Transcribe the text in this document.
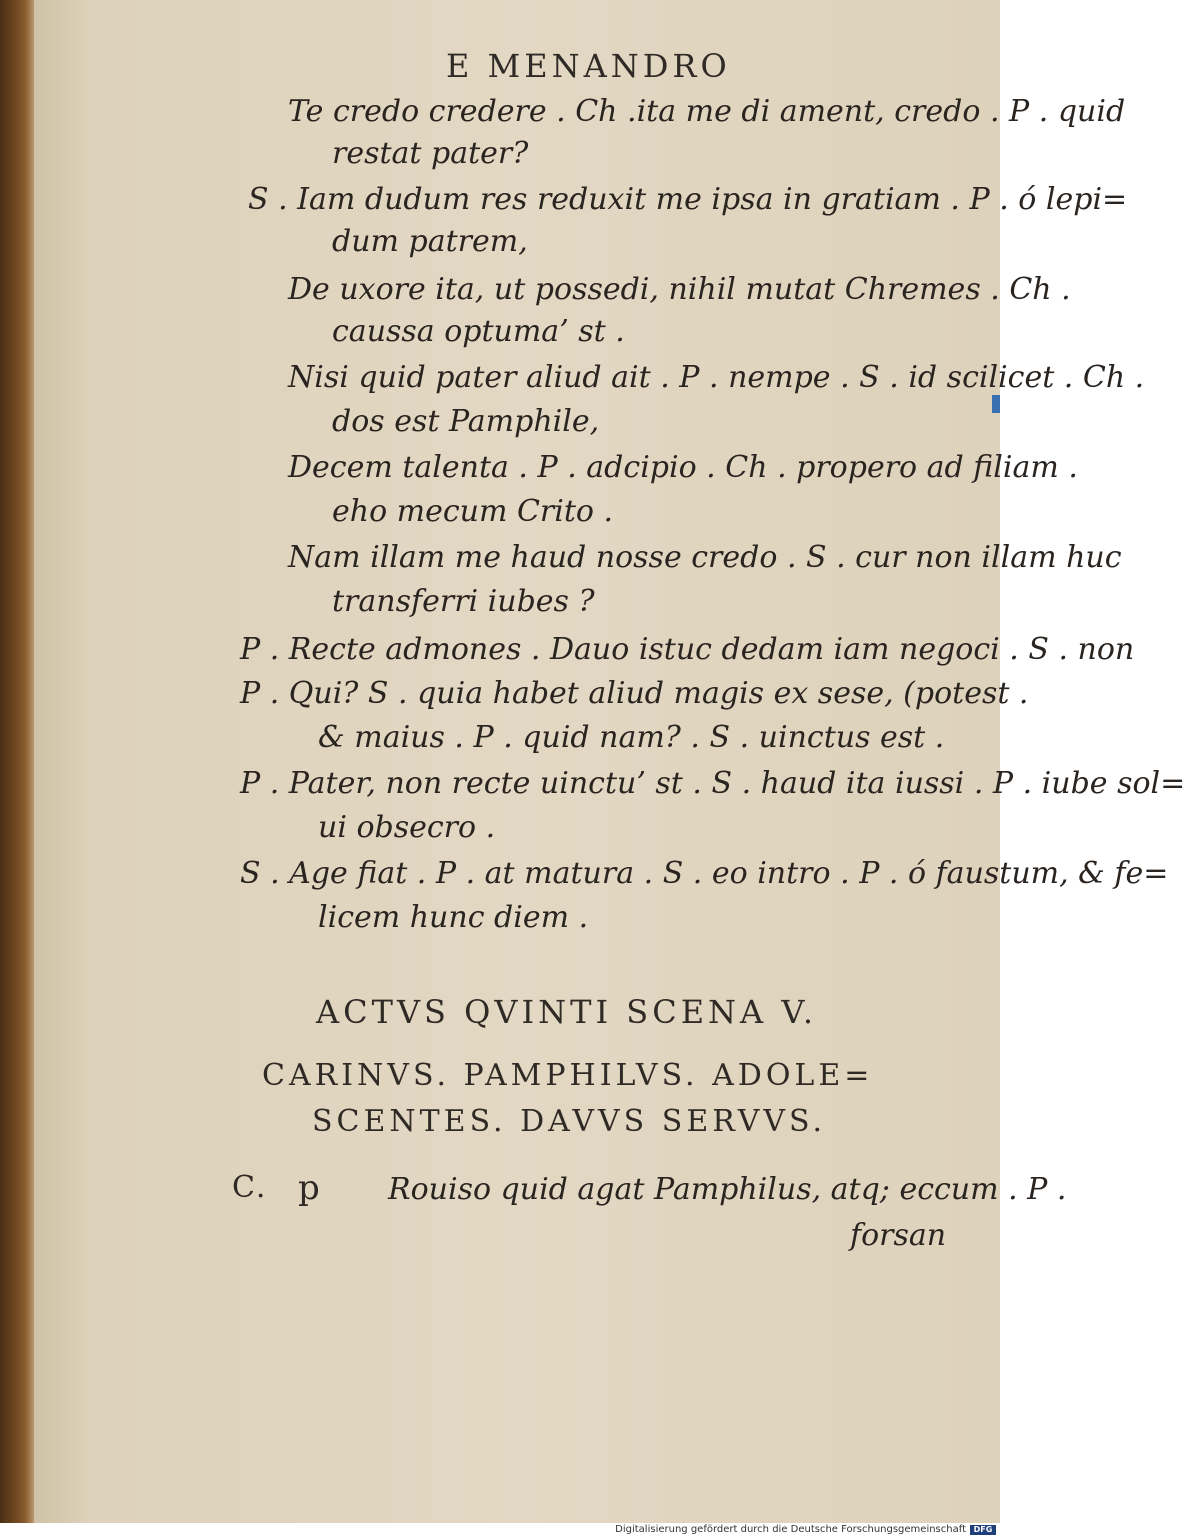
E MENANDRO
Te credo credere . Ch .ita me di ament, credo . P . quid
restat pater?
S . Iam dudum res reduxit me ipsa in gratiam . P . ó lepi=
dum patrem,
De uxore ita, ut possedi, nihil mutat Chremes . Ch .
caussa optuma’ st .
Nisi quid pater aliud ait . P . nempe . S . id scilicet . Ch .
dos est Pamphile,
Decem talenta . P . adcipio . Ch . propero ad filiam .
eho mecum Crito .
Nam illam me haud nosse credo . S . cur non illam huc
transferri iubes ?
P . Recte admones . Dauo istuc dedam iam negoci . S . non
P . Qui? S . quia habet aliud magis ex sese, (potest .
& maius . P . quid nam? . S . uinctus est .
P . Pater, non recte uinctu’ st . S . haud ita iussi . P . iube sol=
ui obsecro .
S . Age fiat . P . at matura . S . eo intro . P . ó faustum, & fe=
licem hunc diem .
ACTVS QVINTI SCENA V.
CARINVS. PAMPHILVS. ADOLE=
SCENTES. DAVVS SERVVS.
C. p Rouiso quid agat Pamphilus, atq; eccum . P .
forsan
Digitalisierung gefördert durch die Deutsche Forschungsgemeinschaft DFG
